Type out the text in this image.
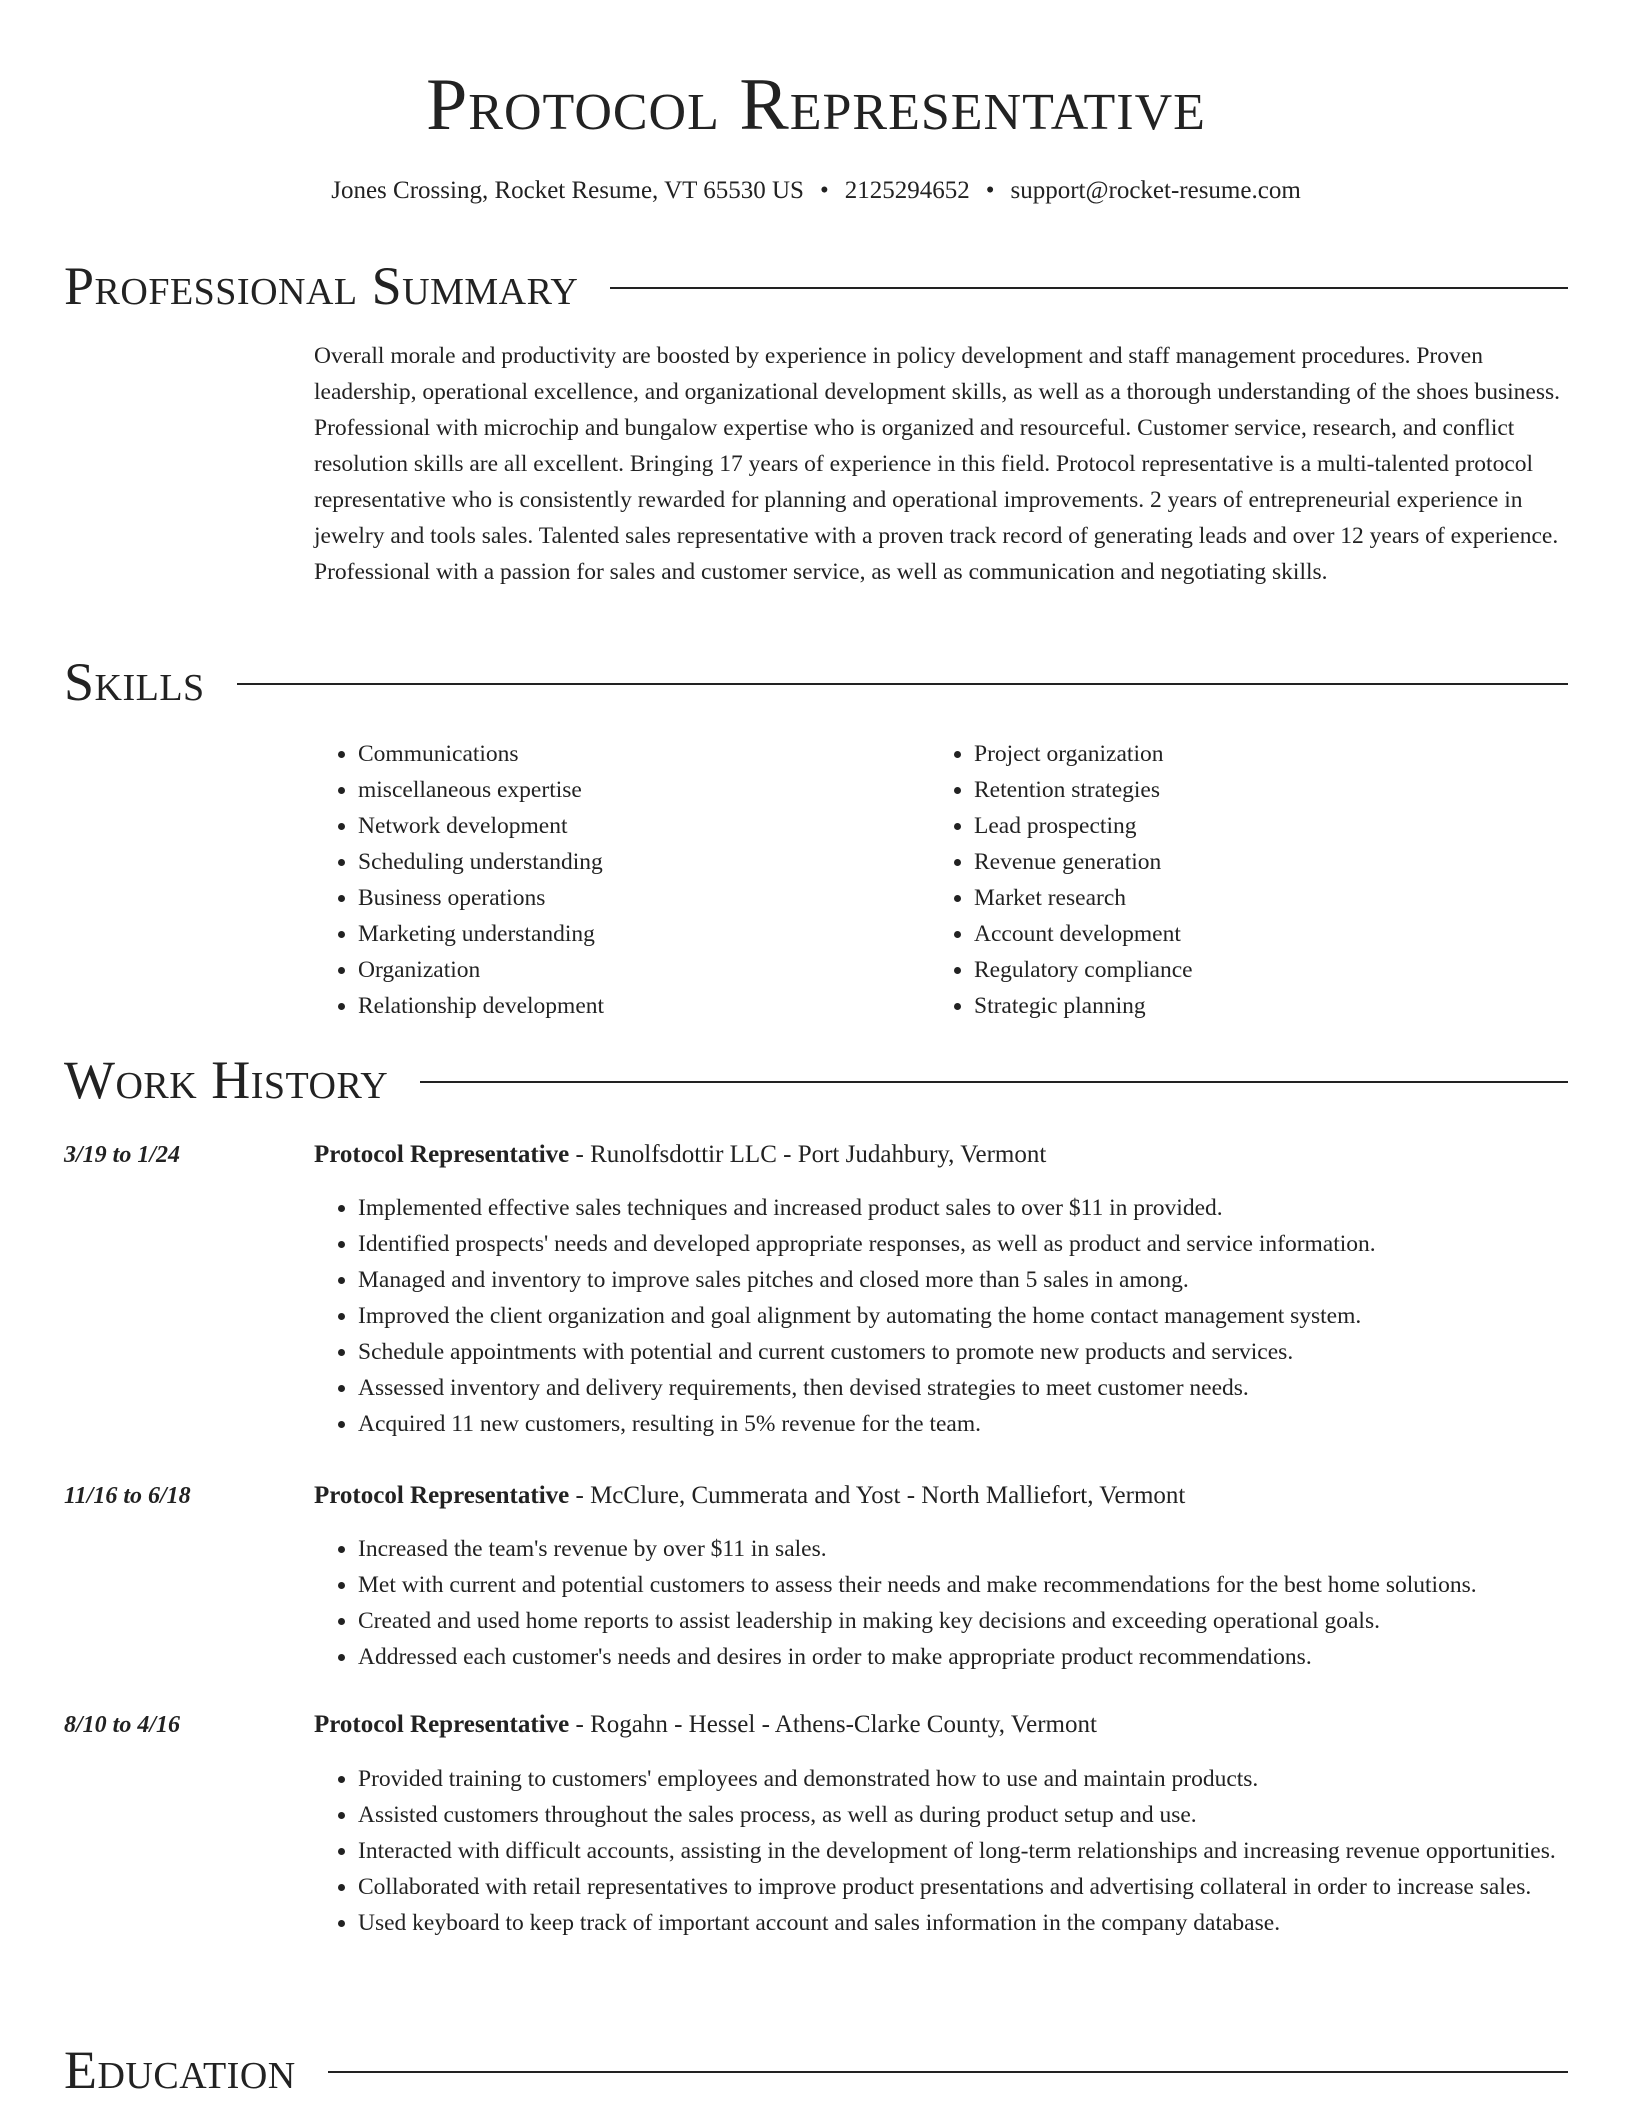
Protocol Representative
Jones Crossing, Rocket Resume, VT 65530 US • 2125294652 • support@rocket-resume.com
Professional Summary

Overall morale and productivity are boosted by experience in policy development and staff management procedures. Proven leadership, operational excellence, and organizational development skills, as well as a thorough understanding of the shoes business. Professional with microchip and bungalow expertise who is organized and resourceful. Customer service, research, and conflict resolution skills are all excellent. Bringing 17 years of experience in this field. Protocol representative is a multi-talented protocol representative who is consistently rewarded for planning and operational improvements. 2 years of entrepreneurial experience in jewelry and tools sales. Talented sales representative with a proven track record of generating leads and over 12 years of experience. Professional with a passion for sales and customer service, as well as communication and negotiating skills.

Skills
• Communications
• miscellaneous expertise
• Network development
• Scheduling understanding
• Business operations
• Marketing understanding
• Organization
• Relationship development
• Project organization
• Retention strategies
• Lead prospecting
• Revenue generation
• Market research
• Account development
• Regulatory compliance
• Strategic planning
Work History
3/19 to 1/24	Protocol Representative - Runolfsdottir LLC - Port Judahbury, Vermont
• Implemented effective sales techniques and increased product sales to over $11 in provided.
• Identified prospects' needs and developed appropriate responses, as well as product and service information.
• Managed and inventory to improve sales pitches and closed more than 5 sales in among.
• Improved the client organization and goal alignment by automating the home contact management system.
• Schedule appointments with potential and current customers to promote new products and services.
• Assessed inventory and delivery requirements, then devised strategies to meet customer needs.
• Acquired 11 new customers, resulting in 5% revenue for the team.
11/16 to 6/18	Protocol Representative - McClure, Cummerata and Yost - North Malliefort, Vermont
• Increased the team's revenue by over $11 in sales.
• Met with current and potential customers to assess their needs and make recommendations for the best home solutions.
• Created and used home reports to assist leadership in making key decisions and exceeding operational goals.
• Addressed each customer's needs and desires in order to make appropriate product recommendations.
8/10 to 4/16	Protocol Representative - Rogahn - Hessel - Athens-Clarke County, Vermont
• Provided training to customers' employees and demonstrated how to use and maintain products.
• Assisted customers throughout the sales process, as well as during product setup and use.
• Interacted with difficult accounts, assisting in the development of long-term relationships and increasing revenue opportunities.
• Collaborated with retail representatives to improve product presentations and advertising collateral in order to increase sales.
• Used keyboard to keep track of important account and sales information in the company database.
Education
